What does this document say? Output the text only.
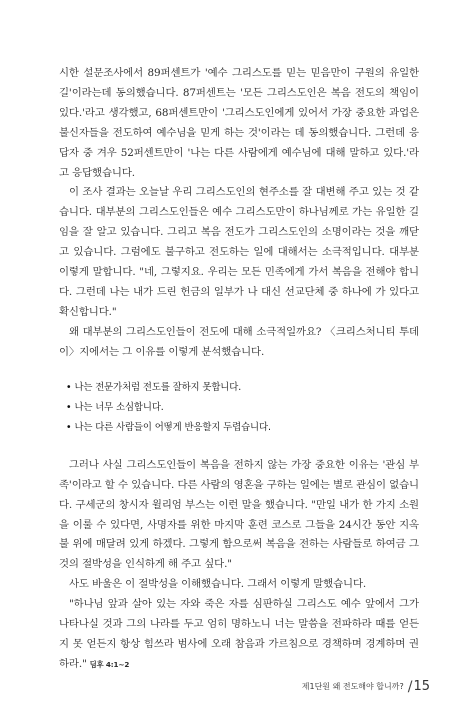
시한 설문조사에서 89퍼센트가 '예수 그리스도를 믿는 믿음만이 구원의 유일한 길'이라는데 동의했습니다. 87퍼센트는 '모든 그리스도인은 복음 전도의 책임이 있다.'라고 생각했고, 68퍼센트만이 '그리스도인에게 있어서 가장 중요한 과업은 불신자들을 전도하여 예수님을 믿게 하는 것'이라는 데 동의했습니다. 그런데 응답자 중 겨우 52퍼센트만이 '나는 다른 사람에게 예수님에 대해 말하고 있다.'라고 응답했습니다.

이 조사 결과는 오늘날 우리 그리스도인의 현주소를 잘 대변해 주고 있는 것 같습니다. 대부분의 그리스도인들은 예수 그리스도만이 하나님께로 가는 유일한 길임을 잘 알고 있습니다. 그리고 복음 전도가 그리스도인의 소명이라는 것을 깨닫고 있습니다. 그럼에도 불구하고 전도하는 일에 대해서는 소극적입니다. 대부분 이렇게 말합니다. "네, 그렇지요. 우리는 모든 민족에게 가서 복음을 전해야 합니다. 그런데 나는 내가 드린 헌금의 일부가 나 대신 선교단체 중 하나에 가 있다고 확신합니다."

왜 대부분의 그리스도인들이 전도에 대해 소극적일까요? 〈크리스처니티 투데이〉지에서는 그 이유를 이렇게 분석했습니다.

• 나는 전문가처럼 전도를 잘하지 못합니다.
• 나는 너무 소심합니다.
• 나는 다른 사람들이 어떻게 반응할지 두렵습니다.

그러나 사실 그리스도인들이 복음을 전하지 않는 가장 중요한 이유는 '관심 부족'이라고 할 수 있습니다. 다른 사람의 영혼을 구하는 일에는 별로 관심이 없습니다. 구세군의 창시자 윌리엄 부스는 이런 말을 했습니다. "만일 내가 한 가지 소원을 이룰 수 있다면, 사명자를 위한 마지막 훈련 코스로 그들을 24시간 동안 지옥 불 위에 매달려 있게 하겠다. 그렇게 함으로써 복음을 전하는 사람들로 하여금 그것의 절박성을 인식하게 해 주고 싶다."

사도 바울은 이 절박성을 이해했습니다. 그래서 이렇게 말했습니다.

"하나님 앞과 살아 있는 자와 죽은 자를 심판하실 그리스도 예수 앞에서 그가 나타나실 것과 그의 나라를 두고 엄히 명하노니 너는 말씀을 전파하라 때를 얻든지 못 얻든지 항상 힘쓰라 범사에 오래 참음과 가르침으로 경책하며 경계하며 권하라." 딤후 4:1~2

제1단원 왜 전도해야 합니까? / 15
